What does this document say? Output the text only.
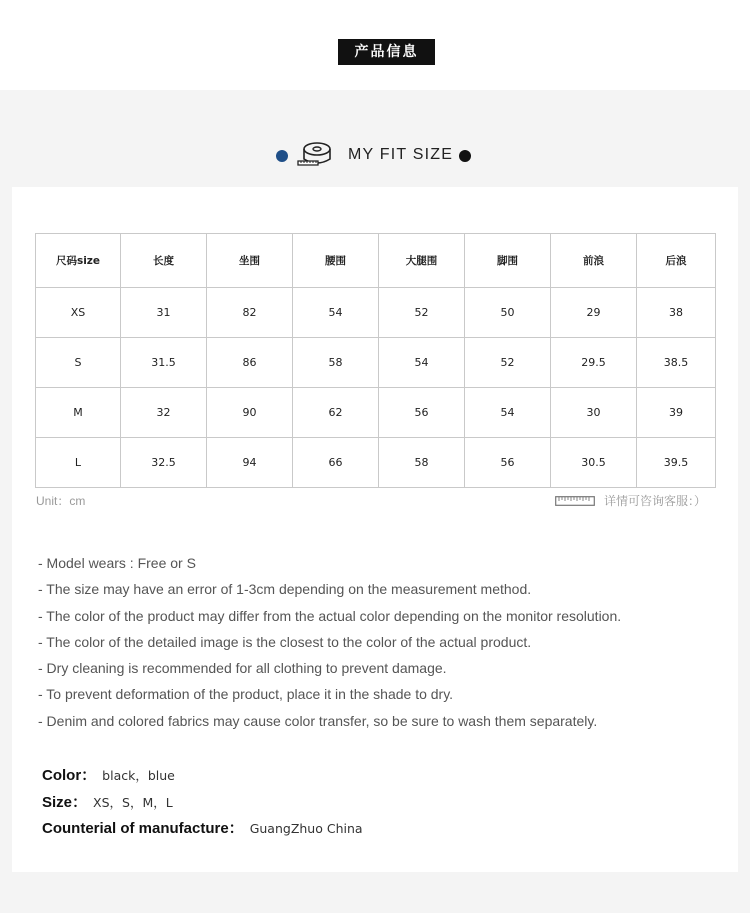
产品信息
MY FIT SIZE
尺码size	长度	坐围	腰围	大腿围	脚围	前浪	后浪
XS	31	82	54	52	50	29	38
S	31.5	86	58	54	52	29.5	38.5
M	32	90	62	56	54	30	39
L	32.5	94	66	58	56	30.5	39.5
Unit：cm	详情可咨询客服：）
- Model wears : Free or S
- The size may have an error of 1-3cm depending on the measurement method.
- The color of the product may differ from the actual color depending on the monitor resolution.
- The color of the detailed image is the closest to the color of the actual product.
- Dry cleaning is recommended for all clothing to prevent damage.
- To prevent deformation of the product, place it in the shade to dry.
- Denim and colored fabrics may cause color transfer, so be sure to wash them separately.
Color： black，blue
Size： XS，S，M，L
Counterial of manufacture： GuangZhuo China
